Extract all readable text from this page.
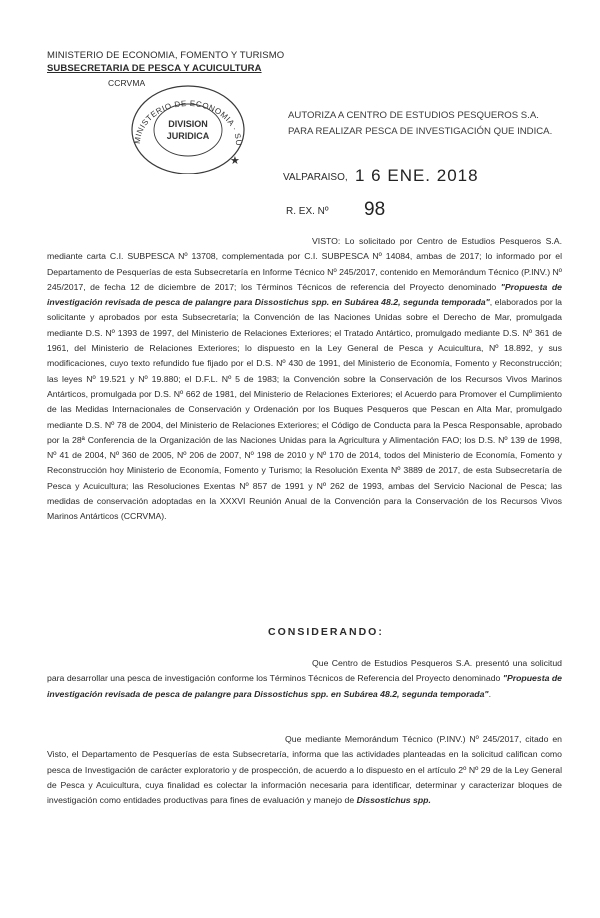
MINISTERIO DE ECONOMIA, FOMENTO Y TURISMO
SUBSECRETARIA DE PESCA Y ACUICULTURA
CCRVMA
MINISTERIO DE ECONOMIA · SU
DIVISION
JURIDICA
★
AUTORIZA A CENTRO DE ESTUDIOS PESQUEROS S.A. PARA REALIZAR PESCA DE INVESTIGACIÓN QUE INDICA.
VALPARAISO, 1 6 ENE. 2018
R. EX. Nº 98

VISTO: Lo solicitado por Centro de Estudios Pesqueros S.A. mediante carta C.I. SUBPESCA Nº 13708, complementada por C.I. SUBPESCA Nº 14084, ambas de 2017; lo informado por el Departamento de Pesquerías de esta Subsecretaría en Informe Técnico Nº 245/2017, contenido en Memorándum Técnico (P.INV.) Nº 245/2017, de fecha 12 de diciembre de 2017; los Términos Técnicos de referencia del Proyecto denominado "Propuesta de investigación revisada de pesca de palangre para Dissostichus spp. en Subárea 48.2, segunda temporada", elaborados por la solicitante y aprobados por esta Subsecretaría; la Convención de las Naciones Unidas sobre el Derecho de Mar, promulgada mediante D.S. Nº 1393 de 1997, del Ministerio de Relaciones Exteriores; el Tratado Antártico, promulgado mediante D.S. Nº 361 de 1961, del Ministerio de Relaciones Exteriores; lo dispuesto en la Ley General de Pesca y Acuicultura, Nº 18.892, y sus modificaciones, cuyo texto refundido fue fijado por el D.S. Nº 430 de 1991, del Ministerio de Economía, Fomento y Reconstrucción; las leyes Nº 19.521 y Nº 19.880; el D.F.L. Nº 5 de 1983; la Convención sobre la Conservación de los Recursos Vivos Marinos Antárticos, promulgada por D.S. Nº 662 de 1981, del Ministerio de Relaciones Exteriores; el Acuerdo para Promover el Cumplimiento de las Medidas Internacionales de Conservación y Ordenación por los Buques Pesqueros que Pescan en Alta Mar, promulgado mediante D.S. Nº 78 de 2004, del Ministerio de Relaciones Exteriores; el Código de Conducta para la Pesca Responsable, aprobado por la 28ª Conferencia de la Organización de las Naciones Unidas para la Agricultura y Alimentación FAO; los D.S. Nº 139 de 1998, Nº 41 de 2004, Nº 360 de 2005, Nº 206 de 2007, Nº 198 de 2010 y Nº 170 de 2014, todos del Ministerio de Economía, Fomento y Reconstrucción hoy Ministerio de Economía, Fomento y Turismo; la Resolución Exenta Nº 3889 de 2017, de esta Subsecretaría de Pesca y Acuicultura; las Resoluciones Exentas Nº 857 de 1991 y Nº 262 de 1993, ambas del Servicio Nacional de Pesca; las medidas de conservación adoptadas en la XXXVI Reunión Anual de la Convención para la Conservación de los Recursos Vivos Marinos Antárticos (CCRVMA).

CONSIDERANDO:

Que Centro de Estudios Pesqueros S.A. presentó una solicitud para desarrollar una pesca de investigación conforme los Términos Técnicos de Referencia del Proyecto denominado "Propuesta de investigación revisada de pesca de palangre para Dissostichus spp. en Subárea 48.2, segunda temporada".

Que mediante Memorándum Técnico (P.INV.) Nº 245/2017, citado en Visto, el Departamento de Pesquerías de esta Subsecretaría, informa que las actividades planteadas en la solicitud califican como pesca de Investigación de carácter exploratorio y de prospección, de acuerdo a lo dispuesto en el artículo 2º Nº 29 de la Ley General de Pesca y Acuicultura, cuya finalidad es colectar la información necesaria para identificar, determinar y caracterizar bloques de investigación como entidades productivas para fines de evaluación y manejo de Dissostichus spp.
